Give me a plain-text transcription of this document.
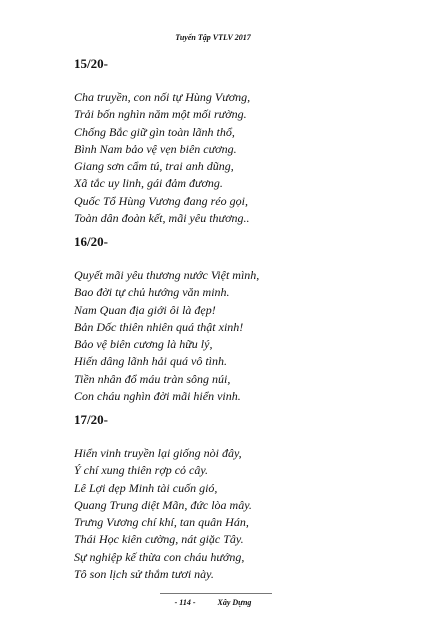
Tuyển Tập VTLV 2017
15/20-
Cha truyền, con nối tự Hùng Vương,
Trải bốn nghìn năm một mối rường.
Chống Bắc giữ gìn toàn lãnh thổ,
Bình Nam bảo vệ vẹn biên cương.
Giang sơn cẩm tú, trai anh dũng,
Xã tắc uy linh, gái đảm đương.
Quốc Tổ Hùng Vương đang réo gọi,
Toàn dân đoàn kết, mãi yêu thương..
16/20-
Quyết mãi yêu thương nước Việt mình,
Bao đời tự chủ hướng văn minh.
Nam Quan địa giới ôi là đẹp!
Bản Dốc thiên nhiên quá thật xinh!
Bảo vệ biên cương là hữu lý,
Hiến dâng lãnh hải quá vô tình.
Tiền nhân đổ máu tràn sông núi,
Con cháu nghìn đời mãi hiển vinh.
17/20-
Hiển vinh truyền lại giống nòi đây,
Ý chí xung thiên rợp cỏ cây.
Lê Lợi dẹp Minh tài cuốn gió,
Quang Trung diệt Mãn, đức lòa mây.
Trưng Vương chí khí, tan quân Hán,
Thái Học kiên cường, nát giặc Tây.
Sự nghiệp kế thừa con cháu hướng,
Tô son lịch sử thắm tươi này.
- 114 -	Xây Dựng
